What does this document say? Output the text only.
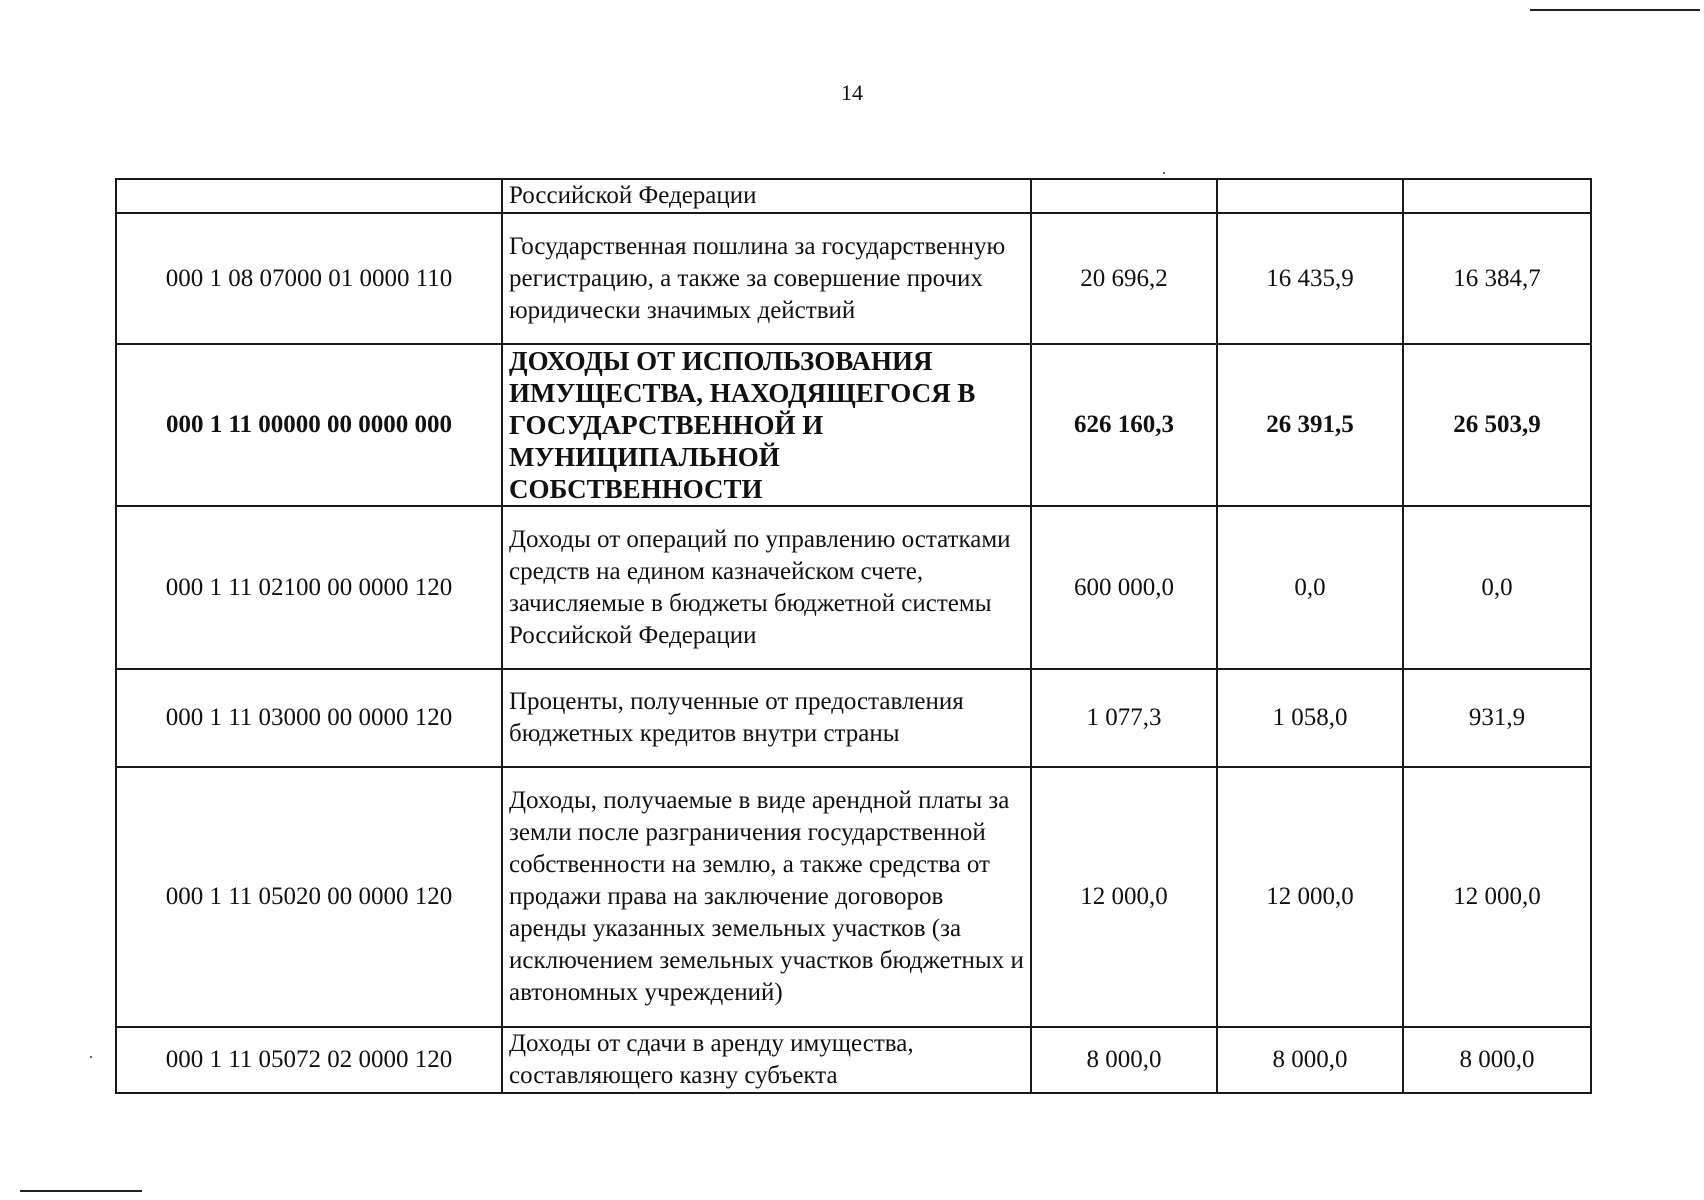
14
	Российской Федерации			
000 1 08 07000 01 0000 110	Государственная пошлина за государственную регистрацию, а также за совершение прочих юридически значимых действий	20 696,2	16 435,9	16 384,7
000 1 11 00000 00 0000 000	ДОХОДЫ ОТ ИСПОЛЬЗОВАНИЯ ИМУЩЕСТВА, НАХОДЯЩЕГОСЯ В ГОСУДАРСТВЕННОЙ И МУНИЦИПАЛЬНОЙ СОБСТВЕННОСТИ	626 160,3	26 391,5	26 503,9
000 1 11 02100 00 0000 120	Доходы от операций по управлению остатками средств на едином казначейском счете, зачисляемые в бюджеты бюджетной системы Российской Федерации	600 000,0	0,0	0,0
000 1 11 03000 00 0000 120	Проценты, полученные от предоставления бюджетных кредитов внутри страны	1 077,3	1 058,0	931,9
000 1 11 05020 00 0000 120	Доходы, получаемые в виде арендной платы за земли после разграничения государственной собственности на землю, а также средства от продажи права на заключение договоров аренды указанных земельных участков (за исключением земельных участков бюджетных и автономных учреждений)	12 000,0	12 000,0	12 000,0
000 1 11 05072 02 0000 120	Доходы от сдачи в аренду имущества, составляющего казну субъекта	8 000,0	8 000,0	8 000,0
